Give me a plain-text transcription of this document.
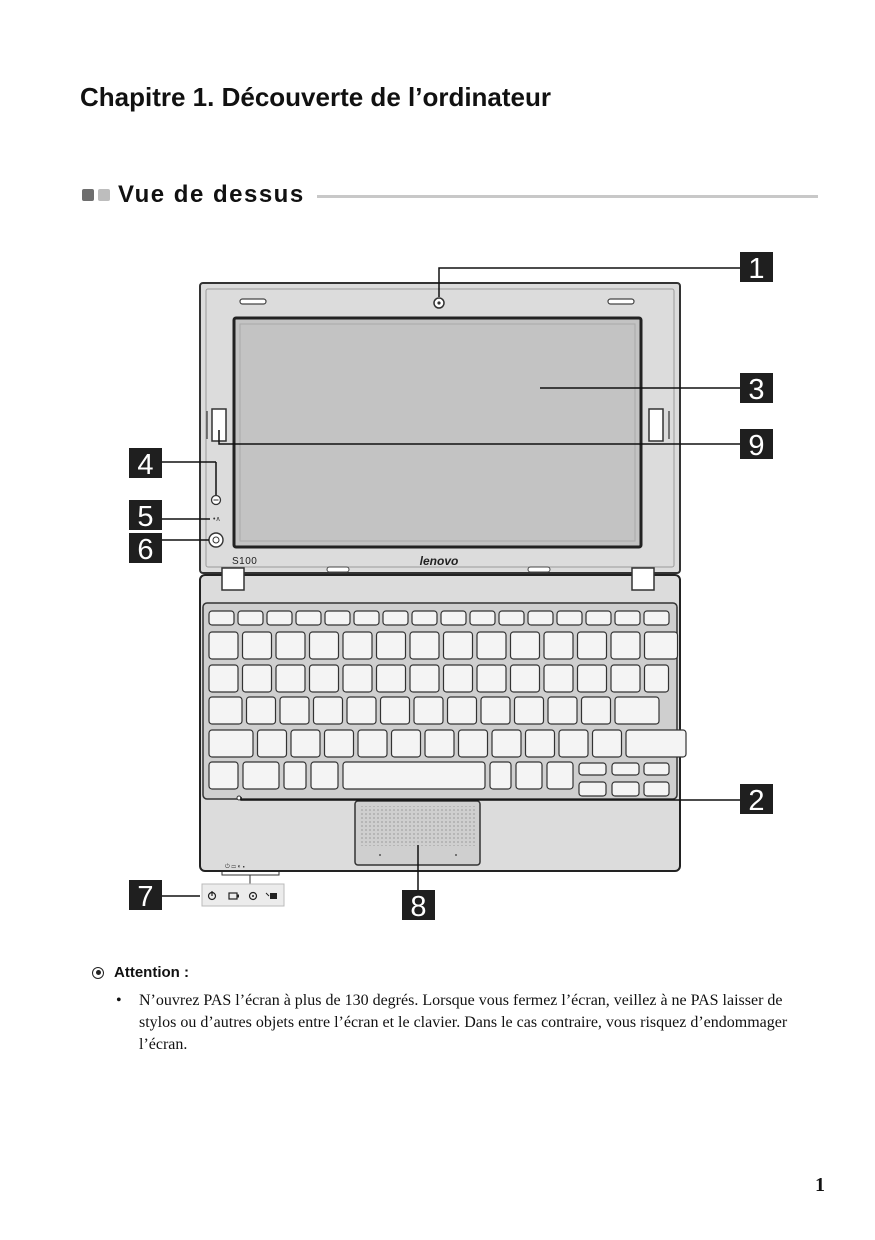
Chapitre 1. Découverte de l’ordinateur
Vue de dessus
•∧
S100	lenovo
⏻ ▭ ◐ ⬝
1
3
9
4
5
6
2
7	8
Attention :
• N’ouvrez PAS l’écran à plus de 130 degrés. Lorsque vous fermez l’écran, veillez à ne PAS laisser de stylos ou d’autres objets entre l’écran et le clavier. Dans le cas contraire, vous risquez d’endommager l’écran.
1
